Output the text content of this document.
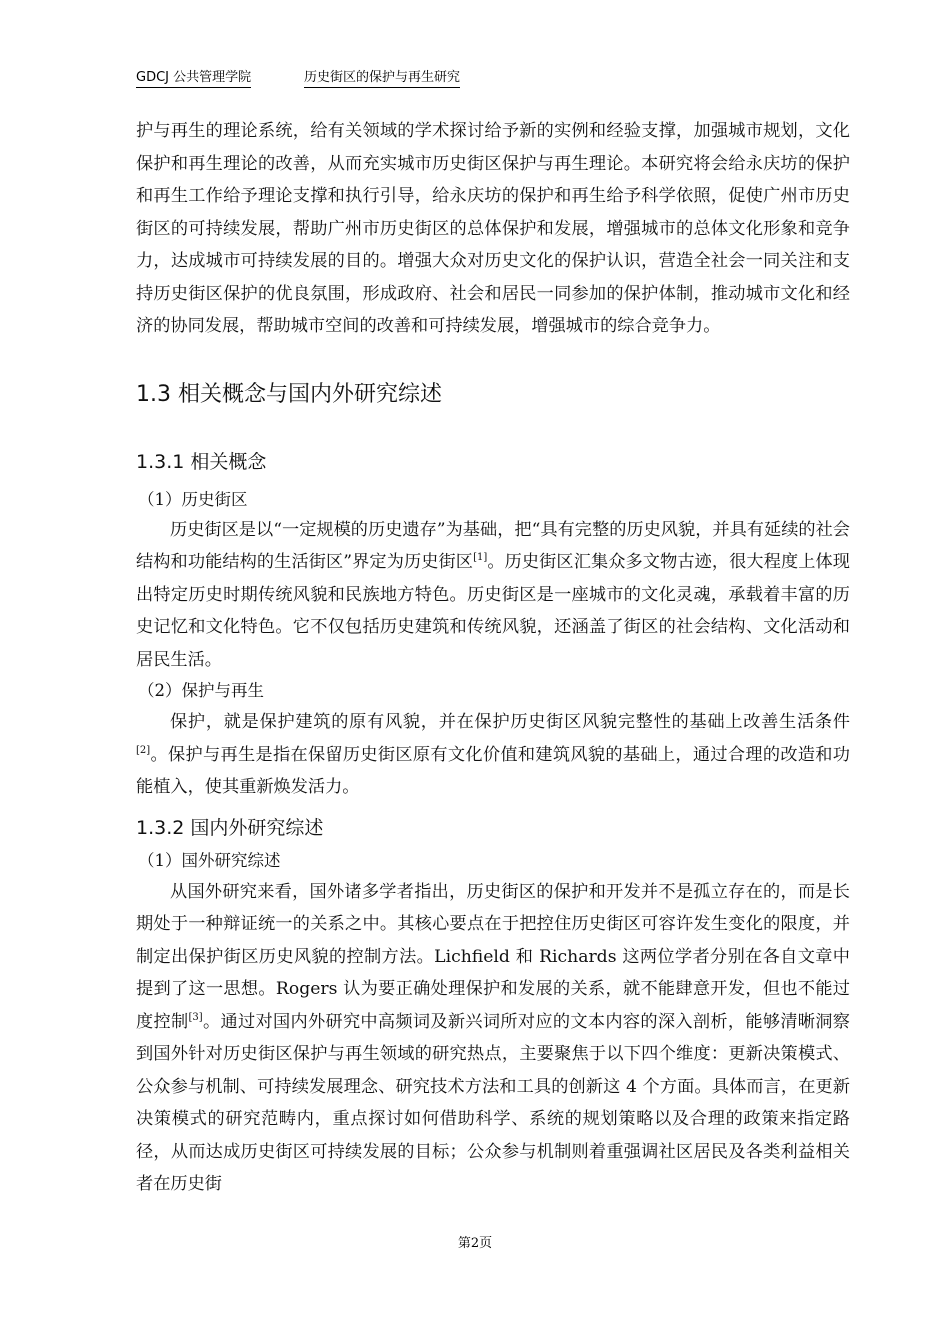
GDCJ 公共管理学院	历史街区的保护与再生研究

护与再生的理论系统，给有关领域的学术探讨给予新的实例和经验支撑，加强城市规划，文化保护和再生理论的改善，从而充实城市历史街区保护与再生理论。本研究将会给永庆坊的保护和再生工作给予理论支撑和执行引导，给永庆坊的保护和再生给予科学依照，促使广州市历史街区的可持续发展，帮助广州市历史街区的总体保护和发展，增强城市的总体文化形象和竞争力，达成城市可持续发展的目的。增强大众对历史文化的保护认识，营造全社会一同关注和支持历史街区保护的优良氛围，形成政府、社会和居民一同参加的保护体制，推动城市文化和经济的协同发展，帮助城市空间的改善和可持续发展，增强城市的综合竞争力。

1.3 相关概念与国内外研究综述
1.3.1 相关概念

（1）历史街区

历史街区是以“一定规模的历史遗存”为基础，把“具有完整的历史风貌，并具有延续的社会结构和功能结构的生活街区”界定为历史街区[1]。历史街区汇集众多文物古迹，很大程度上体现出特定历史时期传统风貌和民族地方特色。历史街区是一座城市的文化灵魂，承载着丰富的历史记忆和文化特色。它不仅包括历史建筑和传统风貌，还涵盖了街区的社会结构、文化活动和居民生活。

（2）保护与再生

保护，就是保护建筑的原有风貌，并在保护历史街区风貌完整性的基础上改善生活条件[2]。保护与再生是指在保留历史街区原有文化价值和建筑风貌的基础上，通过合理的改造和功能植入，使其重新焕发活力。

1.3.2 国内外研究综述

（1）国外研究综述

从国外研究来看，国外诸多学者指出，历史街区的保护和开发并不是孤立存在的，而是长期处于一种辩证统一的关系之中。其核心要点在于把控住历史街区可容许发生变化的限度，并制定出保护街区历史风貌的控制方法。Lichfield 和 Richards 这两位学者分别在各自文章中提到了这一思想。Rogers 认为要正确处理保护和发展的关系，就不能肆意开发，但也不能过度控制[3]。通过对国内外研究中高频词及新兴词所对应的文本内容的深入剖析，能够清晰洞察到国外针对历史街区保护与再生领域的研究热点，主要聚焦于以下四个维度：更新决策模式、公众参与机制、可持续发展理念、研究技术方法和工具的创新这 4 个方面。具体而言，在更新决策模式的研究范畴内，重点探讨如何借助科学、系统的规划策略以及合理的政策来指定路径，从而达成历史街区可持续发展的目标；公众参与机制则着重强调社区居民及各类利益相关者在历史街

第2页
